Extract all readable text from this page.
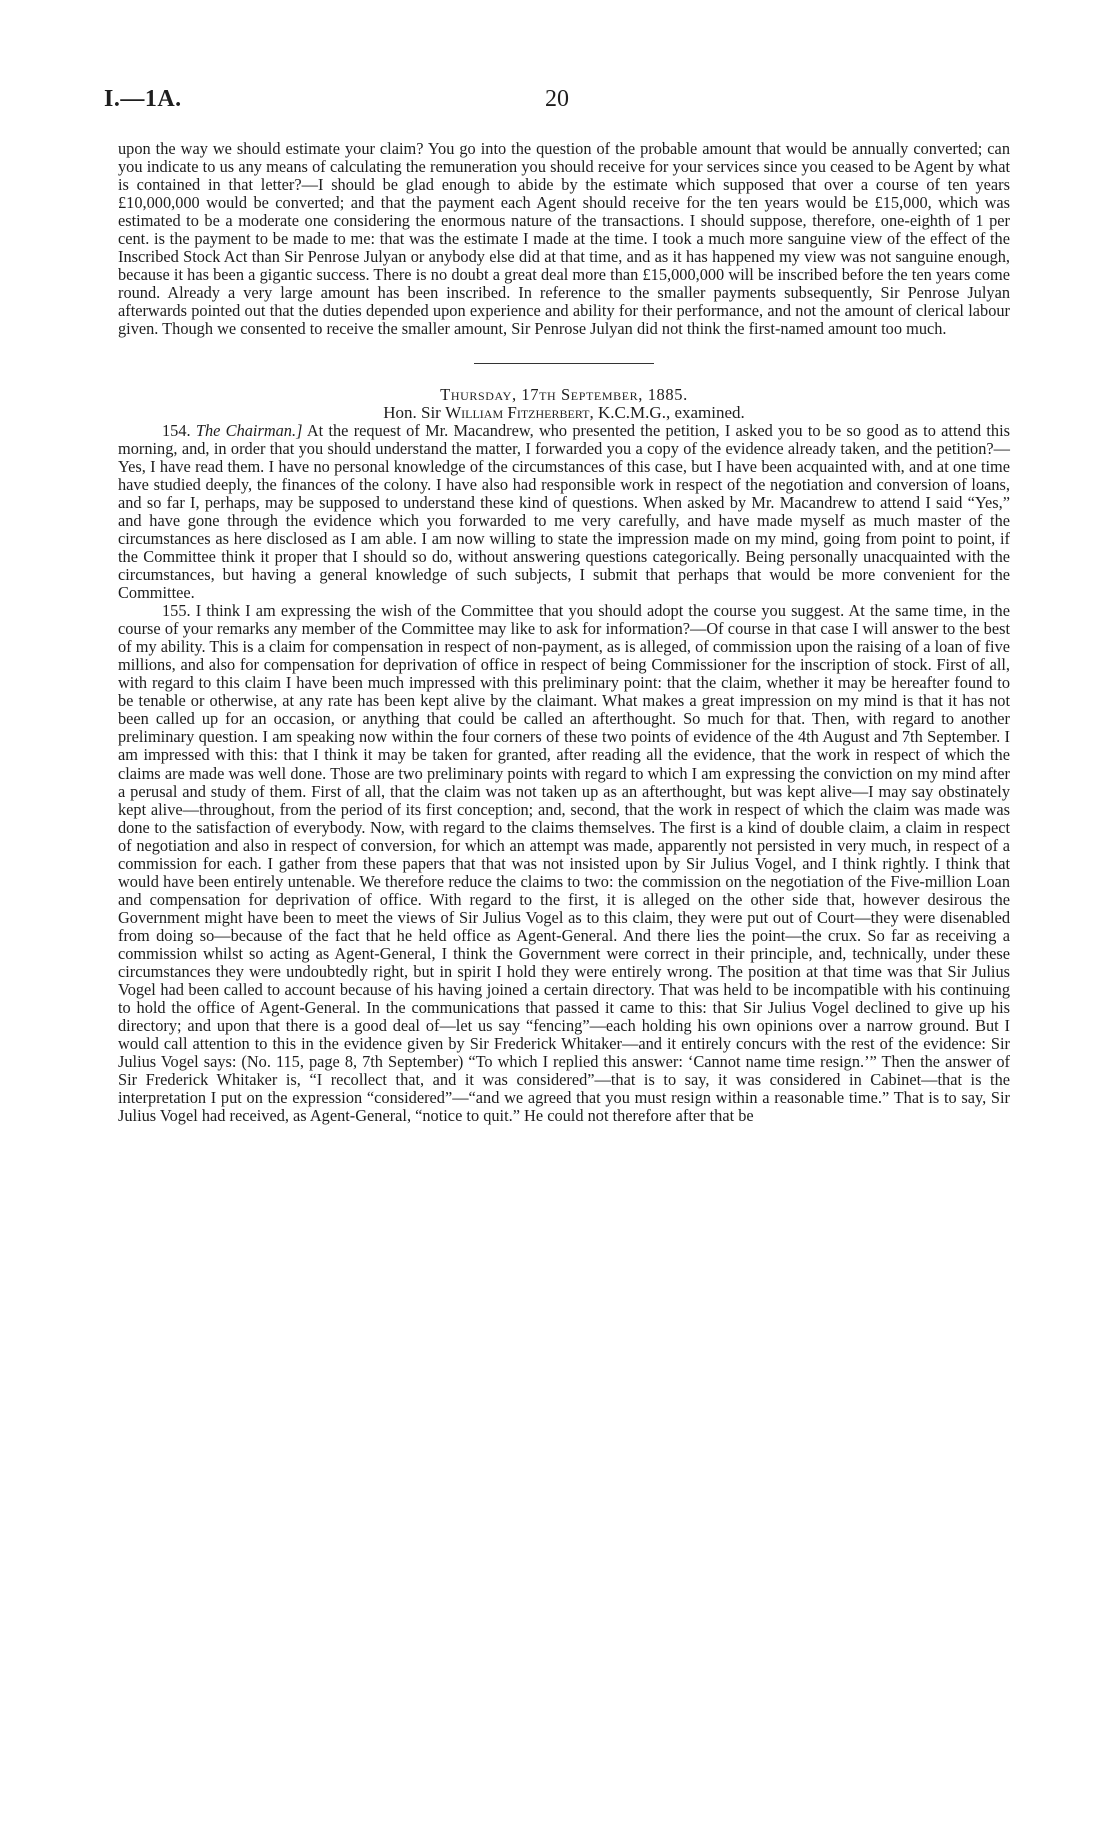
I.—1A.	20

upon the way we should estimate your claim? You go into the question of the probable amount that would be annually converted; can you indicate to us any means of calculating the remuneration you should receive for your services since you ceased to be Agent by what is contained in that letter?—I should be glad enough to abide by the estimate which supposed that over a course of ten years £10,000,000 would be converted; and that the payment each Agent should receive for the ten years would be £15,000, which was estimated to be a moderate one considering the enormous nature of the transactions. I should suppose, therefore, one-eighth of 1 per cent. is the payment to be made to me: that was the estimate I made at the time. I took a much more sanguine view of the effect of the Inscribed Stock Act than Sir Penrose Julyan or anybody else did at that time, and as it has happened my view was not sanguine enough, because it has been a gigantic success. There is no doubt a great deal more than £15,000,000 will be inscribed before the ten years come round. Already a very large amount has been inscribed. In reference to the smaller payments subsequently, Sir Penrose Julyan afterwards pointed out that the duties depended upon experience and ability for their performance, and not the amount of clerical labour given. Though we consented to receive the smaller amount, Sir Penrose Julyan did not think the first-named amount too much.

Thursday, 17th September, 1885.

Hon. Sir William Fitzherbert, K.C.M.G., examined.

154. The Chairman.] At the request of Mr. Macandrew, who presented the petition, I asked you to be so good as to attend this morning, and, in order that you should understand the matter, I forwarded you a copy of the evidence already taken, and the petition?—Yes, I have read them. I have no personal knowledge of the circumstances of this case, but I have been acquainted with, and at one time have studied deeply, the finances of the colony. I have also had responsible work in respect of the negotiation and conversion of loans, and so far I, perhaps, may be supposed to understand these kind of questions. When asked by Mr. Macandrew to attend I said “Yes,” and have gone through the evidence which you forwarded to me very carefully, and have made myself as much master of the circumstances as here disclosed as I am able. I am now willing to state the impression made on my mind, going from point to point, if the Committee think it proper that I should so do, without answering questions categorically. Being personally unacquainted with the circumstances, but having a general knowledge of such subjects, I submit that perhaps that would be more convenient for the Committee.

155. I think I am expressing the wish of the Committee that you should adopt the course you suggest. At the same time, in the course of your remarks any member of the Committee may like to ask for information?—Of course in that case I will answer to the best of my ability. This is a claim for compensation in respect of non-payment, as is alleged, of commission upon the raising of a loan of five millions, and also for compensation for deprivation of office in respect of being Commissioner for the inscription of stock. First of all, with regard to this claim I have been much impressed with this preliminary point: that the claim, whether it may be hereafter found to be tenable or otherwise, at any rate has been kept alive by the claimant. What makes a great impression on my mind is that it has not been called up for an occasion, or anything that could be called an afterthought. So much for that. Then, with regard to another preliminary question. I am speaking now within the four corners of these two points of evidence of the 4th August and 7th September. I am impressed with this: that I think it may be taken for granted, after reading all the evidence, that the work in respect of which the claims are made was well done. Those are two preliminary points with regard to which I am expressing the conviction on my mind after a perusal and study of them. First of all, that the claim was not taken up as an afterthought, but was kept alive—I may say obstinately kept alive—throughout, from the period of its first conception; and, second, that the work in respect of which the claim was made was done to the satisfaction of everybody. Now, with regard to the claims themselves. The first is a kind of double claim, a claim in respect of negotiation and also in respect of conversion, for which an attempt was made, apparently not persisted in very much, in respect of a commission for each. I gather from these papers that that was not insisted upon by Sir Julius Vogel, and I think rightly. I think that would have been entirely untenable. We therefore reduce the claims to two: the commission on the negotiation of the Five-million Loan and compensation for deprivation of office. With regard to the first, it is alleged on the other side that, however desirous the Government might have been to meet the views of Sir Julius Vogel as to this claim, they were put out of Court—they were disenabled from doing so—because of the fact that he held office as Agent-General. And there lies the point—the crux. So far as receiving a commission whilst so acting as Agent-General, I think the Government were correct in their principle, and, technically, under these circumstances they were undoubtedly right, but in spirit I hold they were entirely wrong. The position at that time was that Sir Julius Vogel had been called to account because of his having joined a certain directory. That was held to be incompatible with his continuing to hold the office of Agent-General. In the communications that passed it came to this: that Sir Julius Vogel declined to give up his directory; and upon that there is a good deal of—let us say “fencing”—each holding his own opinions over a narrow ground. But I would call attention to this in the evidence given by Sir Frederick Whitaker—and it entirely concurs with the rest of the evidence: Sir Julius Vogel says: (No. 115, page 8, 7th September) “To which I replied this answer: ‘Cannot name time resign.’” Then the answer of Sir Frederick Whitaker is, “I recollect that, and it was considered”—that is to say, it was considered in Cabinet—that is the interpretation I put on the expression “considered”—“and we agreed that you must resign within a reasonable time.” That is to say, Sir Julius Vogel had received, as Agent-General, “notice to quit.” He could not therefore after that be
